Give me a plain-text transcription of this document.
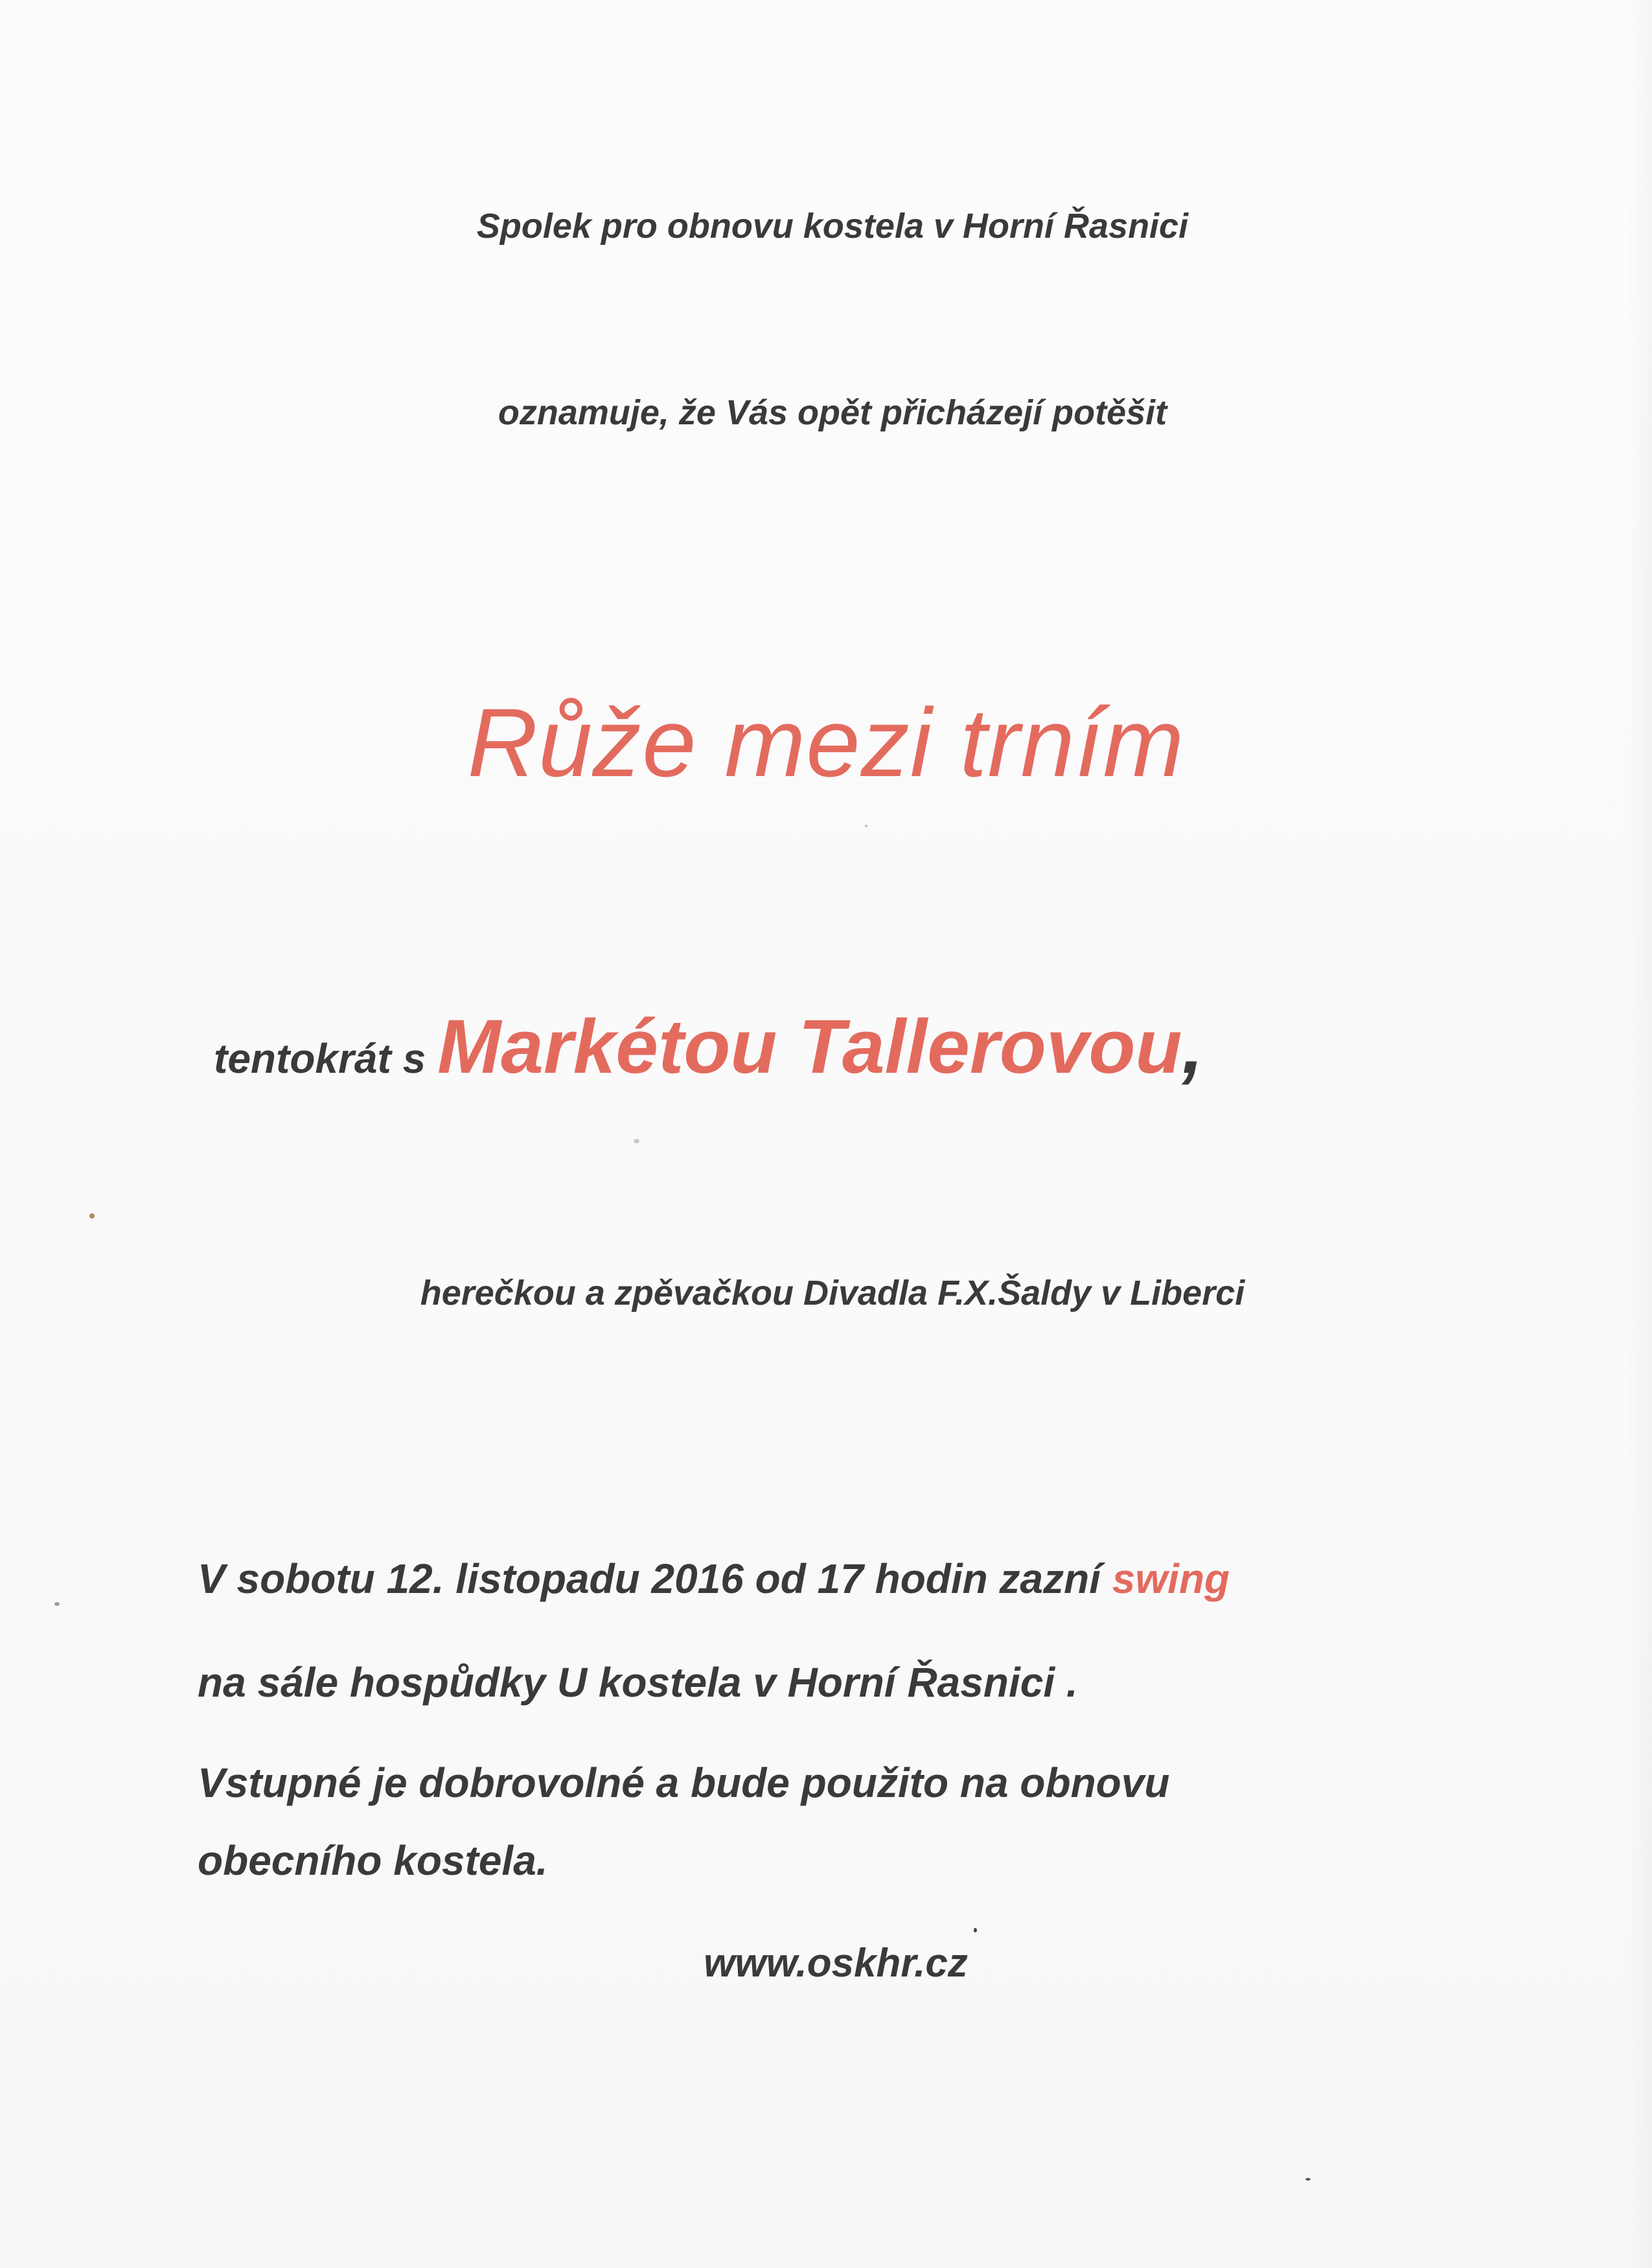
Spolek pro obnovu kostela v Horní Řasnici
oznamuje, že Vás opět přicházejí potěšit
Růže mezi trním
tentokrát s Markétou Tallerovou,
herečkou a zpěvačkou Divadla F.X.Šaldy v Liberci
V sobotu 12. listopadu 2016 od 17 hodin zazní swing
na sále hospůdky U kostela v Horní Řasnici .
Vstupné je dobrovolné a bude použito na obnovu
obecního kostela.
www.oskhr.cz
